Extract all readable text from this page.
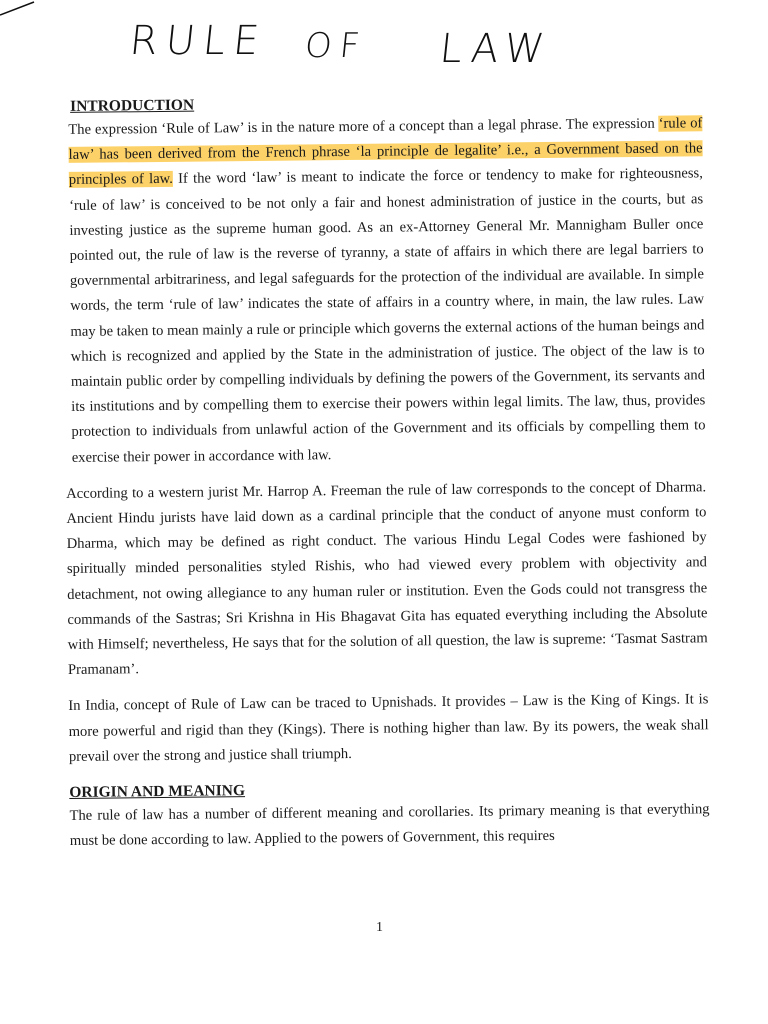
RULE OF LAW
INTRODUCTION

The expression ‘Rule of Law’ is in the nature more of a concept than a legal phrase. The expression ‘rule of law’ has been derived from the French phrase ‘la principle de legalite’ i.e., a Government based on the principles of law. If the word ‘law’ is meant to indicate the force or tendency to make for righteousness, ‘rule of law’ is conceived to be not only a fair and honest administration of justice in the courts, but as investing justice as the supreme human good. As an ex-Attorney General Mr. Mannigham Buller once pointed out, the rule of law is the reverse of tyranny, a state of affairs in which there are legal barriers to governmental arbitrariness, and legal safeguards for the protection of the individual are available. In simple words, the term ‘rule of law’ indicates the state of affairs in a country where, in main, the law rules. Law may be taken to mean mainly a rule or principle which governs the external actions of the human beings and which is recognized and applied by the State in the administration of justice. The object of the law is to maintain public order by compelling individuals by defining the powers of the Government, its servants and its institutions and by compelling them to exercise their powers within legal limits. The law, thus, provides protection to individuals from unlawful action of the Government and its officials by compelling them to exercise their power in accordance with law.

According to a western jurist Mr. Harrop A. Freeman the rule of law corresponds to the concept of Dharma. Ancient Hindu jurists have laid down as a cardinal principle that the conduct of anyone must conform to Dharma, which may be defined as right conduct. The various Hindu Legal Codes were fashioned by spiritually minded personalities styled Rishis, who had viewed every problem with objectivity and detachment, not owing allegiance to any human ruler or institution. Even the Gods could not transgress the commands of the Sastras; Sri Krishna in His Bhagavat Gita has equated everything including the Absolute with Himself; nevertheless, He says that for the solution of all question, the law is supreme: ‘Tasmat Sastram Pramanam’.

In India, concept of Rule of Law can be traced to Upnishads. It provides – Law is the King of Kings. It is more powerful and rigid than they (Kings). There is nothing higher than law. By its powers, the weak shall prevail over the strong and justice shall triumph.

ORIGIN AND MEANING

The rule of law has a number of different meaning and corollaries. Its primary meaning is that everything must be done according to law. Applied to the powers of Government, this requires

1
